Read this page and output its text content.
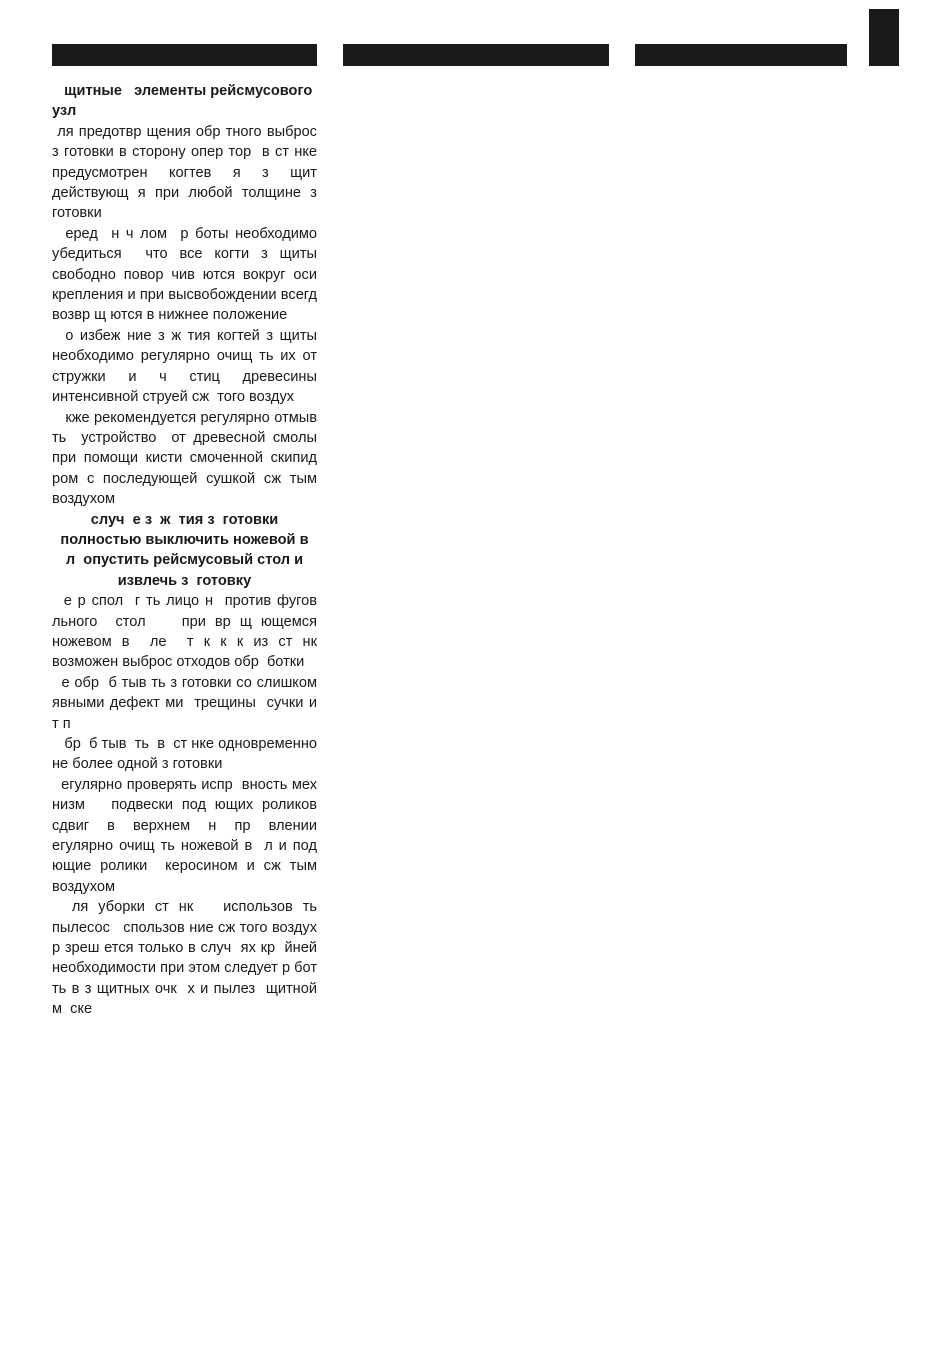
щитные   элементы рейсмусового узл

ля предотвр щения обр тного выброс  з готовки в сторону опер тор  в ст нке предусмотрен когтев я з щит   действующ я при любой толщине з готовки

еред  н ч лом  р боты необходимо убедиться  что все когти з щиты свободно повор чив ются вокруг оси крепления и при высвобождении всегд  возвр щ ются в нижнее положение

о избеж ние з ж тия когтей з щиты необходимо регулярно очищ ть их от стружки и ч стиц древесины интенсивной струей сж  того воздух

кже рекомендуется регулярно отмыв ть  устройство  от древесной смолы при помощи кисти смоченной скипид ром с последующей сушкой сж тым воздухом

случ  е з  ж  тия з  готовки полностью выключить ножевой в  л  опустить рейсмусовый стол и извлечь з  готовку

е р спол  г ть лицо н  против фугов льного  стол    при вр щ ющемся ножевом в  ле  т к к к из ст нк   возможен выброс отходов обр  ботки

е обр  б тыв ть з готовки со слишком явными дефект ми  трещины  сучки и т п

бр  б тыв  ть  в  ст нке одновременно не более одной з готовки

егулярно проверять испр  вность мех низм   подвески под ющих роликов  сдвиг в верхнем н пр влении    егулярно очищ ть ножевой в  л и под  ющие ролики  керосином и сж тым воздухом

ля уборки ст нк   использов ть пылесос   спользов ние сж того воздух   р зреш ется только в случ  ях кр  йней необходимости при этом следует р бот ть в з щитных очк  х и пылез  щитной м  ске
